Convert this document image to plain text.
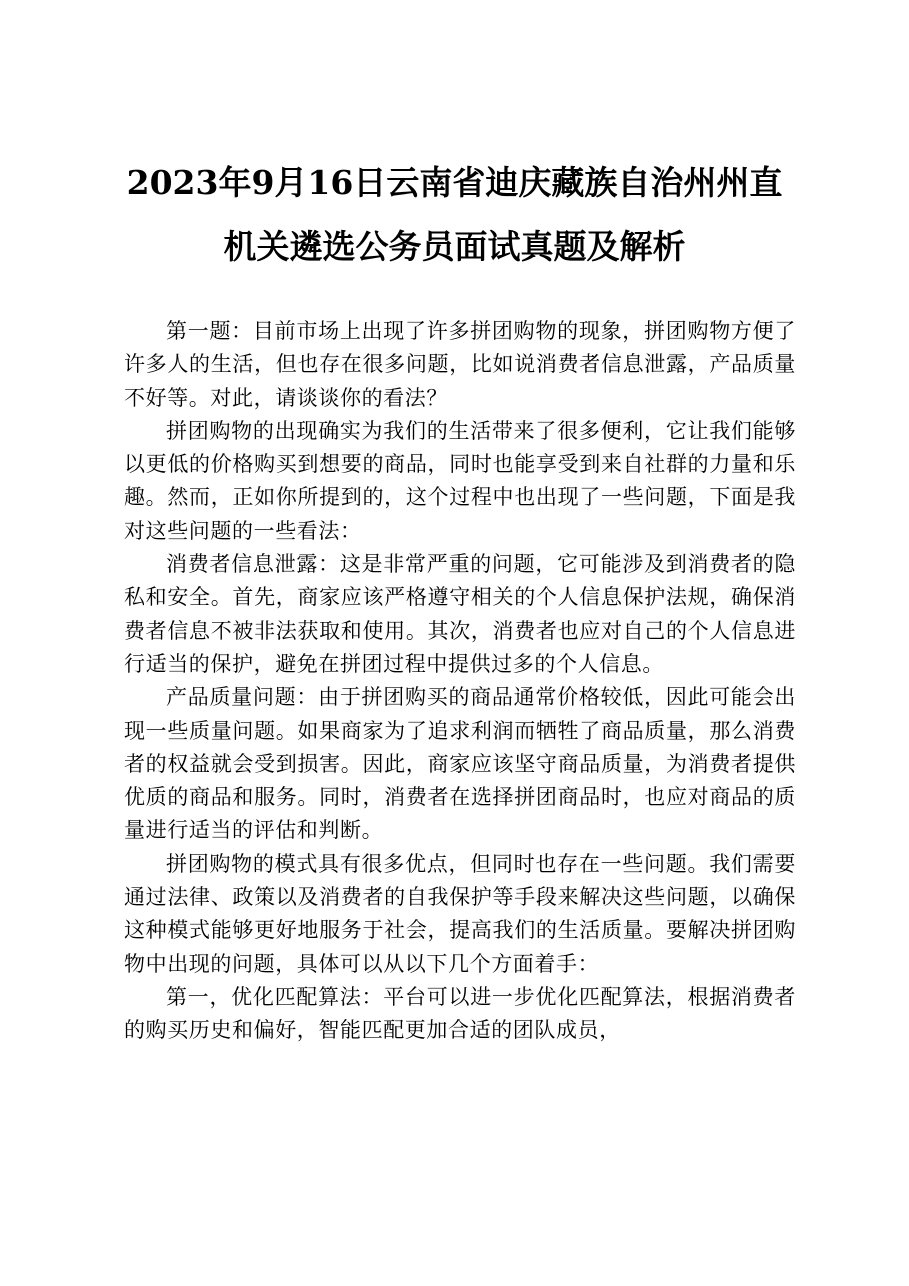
2023年9月16日云南省迪庆藏族自治州州直
机关遴选公务员面试真题及解析

第一题：目前市场上出现了许多拼团购物的现象，拼团购物方便了许多人的生活，但也存在很多问题，比如说消费者信息泄露，产品质量不好等。对此，请谈谈你的看法？

拼团购物的出现确实为我们的生活带来了很多便利，它让我们能够以更低的价格购买到想要的商品，同时也能享受到来自社群的力量和乐趣。然而，正如你所提到的，这个过程中也出现了一些问题，下面是我对这些问题的一些看法：

消费者信息泄露：这是非常严重的问题，它可能涉及到消费者的隐私和安全。首先，商家应该严格遵守相关的个人信息保护法规，确保消费者信息不被非法获取和使用。其次，消费者也应对自己的个人信息进行适当的保护，避免在拼团过程中提供过多的个人信息。

产品质量问题：由于拼团购买的商品通常价格较低，因此可能会出现一些质量问题。如果商家为了追求利润而牺牲了商品质量，那么消费者的权益就会受到损害。因此，商家应该坚守商品质量，为消费者提供优质的商品和服务。同时，消费者在选择拼团商品时，也应对商品的质量进行适当的评估和判断。

拼团购物的模式具有很多优点，但同时也存在一些问题。我们需要通过法律、政策以及消费者的自我保护等手段来解决这些问题，以确保这种模式能够更好地服务于社会，提高我们的生活质量。要解决拼团购物中出现的问题，具体可以从以下几个方面着手：

第一，优化匹配算法：平台可以进一步优化匹配算法，根据消费者的购买历史和偏好，智能匹配更加合适的团队成员，
